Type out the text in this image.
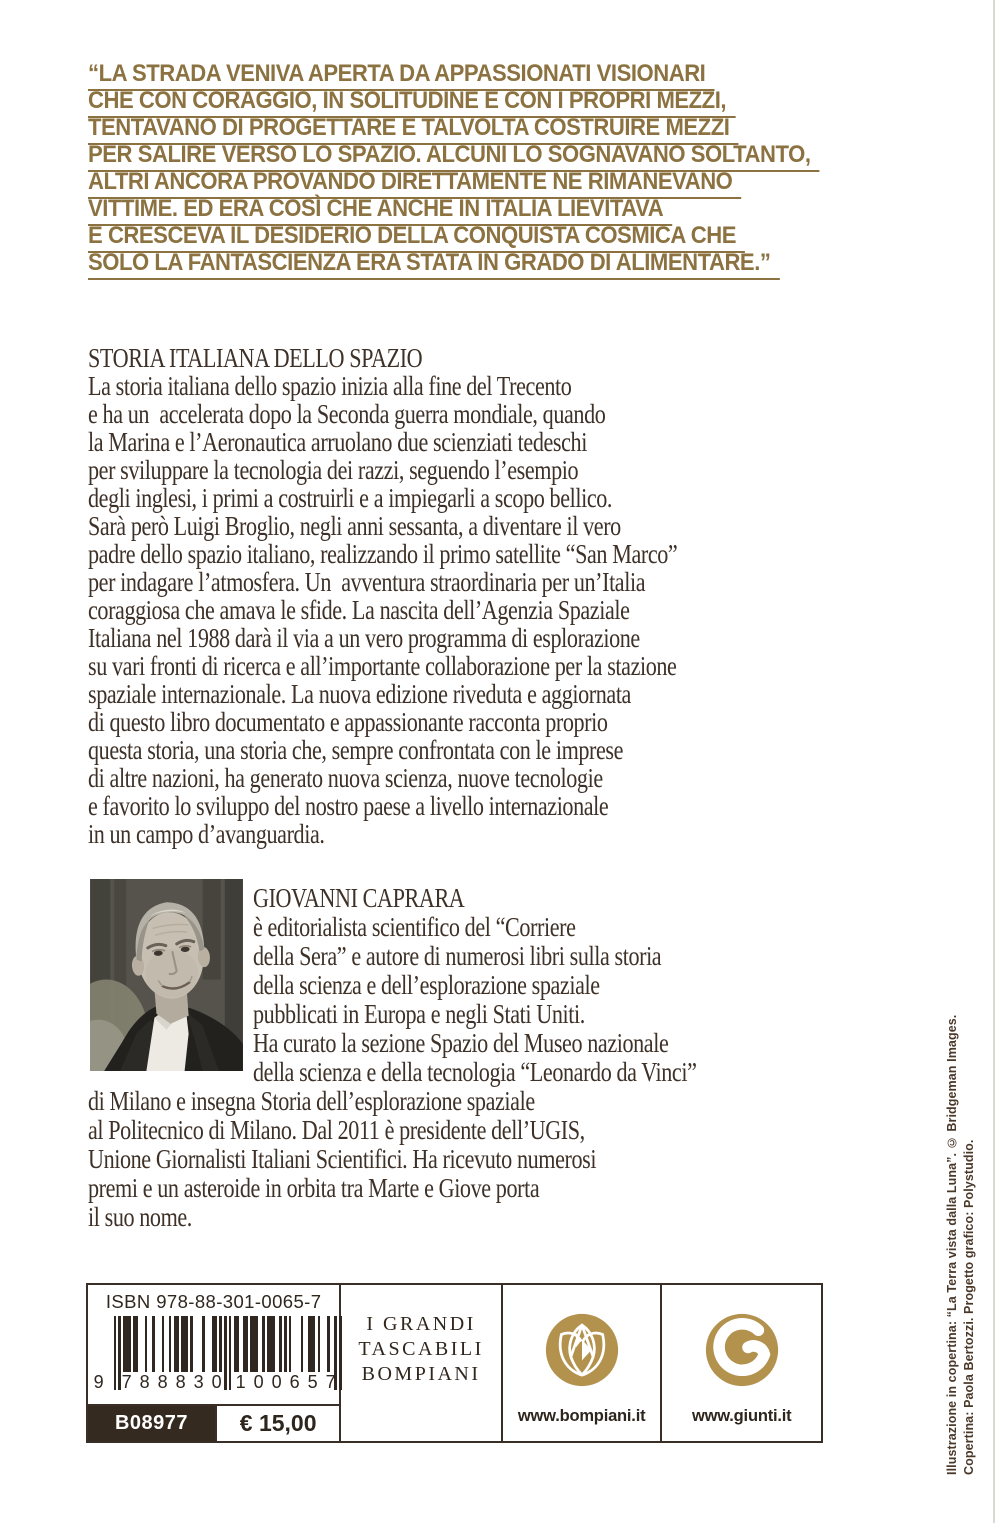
“LA STRADA VENIVA APERTA DA APPASSIONATI VISIONARI
CHE CON CORAGGIO, IN SOLITUDINE E CON I PROPRI MEZZI,
TENTAVANO DI PROGETTARE E TALVOLTA COSTRUIRE MEZZI
PER SALIRE VERSO LO SPAZIO. ALCUNI LO SOGNAVANO SOLTANTO,
ALTRI ANCORA PROVANDO DIRETTAMENTE NE RIMANEVANO
VITTIME. ED ERA COSÌ CHE ANCHE IN ITALIA LIEVITAVA
E CRESCEVA IL DESIDERIO DELLA CONQUISTA COSMICA CHE
SOLO LA FANTASCIENZA ERA STATA IN GRADO DI ALIMENTARE.”
STORIA ITALIANA DELLO SPAZIO
La storia italiana dello spazio inizia alla fine del Trecento
e ha un  accelerata dopo la Seconda guerra mondiale, quando
la Marina e l’Aeronautica arruolano due scienziati tedeschi
per sviluppare la tecnologia dei razzi, seguendo l’esempio
degli inglesi, i primi a costruirli e a impiegarli a scopo bellico.
Sarà però Luigi Broglio, negli anni sessanta, a diventare il vero
padre dello spazio italiano, realizzando il primo satellite “San Marco”
per indagare l’atmosfera. Un  avventura straordinaria per un’Italia
coraggiosa che amava le sfide. La nascita dell’Agenzia Spaziale
Italiana nel 1988 darà il via a un vero programma di esplorazione
su vari fronti di ricerca e all’importante collaborazione per la stazione
spaziale internazionale. La nuova edizione riveduta e aggiornata
di questo libro documentato e appassionante racconta proprio
questa storia, una storia che, sempre confrontata con le imprese
di altre nazioni, ha generato nuova scienza, nuove tecnologie
e favorito lo sviluppo del nostro paese a livello internazionale
in un campo d’avanguardia.
GIOVANNI CAPRARA
è editorialista scientifico del “Corriere
della Sera” e autore di numerosi libri sulla storia
della scienza e dell’esplorazione spaziale
pubblicati in Europa e negli Stati Uniti.
Ha curato la sezione Spazio del Museo nazionale
della scienza e della tecnologia “Leonardo da Vinci”
di Milano e insegna Storia dell’esplorazione spaziale
al Politecnico di Milano. Dal 2011 è presidente dell’UGIS,
Unione Giornalisti Italiani Scientifici. Ha ricevuto numerosi
premi e un asteroide in orbita tra Marte e Giove porta
il suo nome.	Illustrazione in copertina: “La Terra vista dalla Luna”. © Bridgeman Images. Copertina: Paola Bertozzi. Progetto grafico: Polystudio.
ISBN 978-88-301-0065-7
9 7 8 8 8 3 0 1 0 0 6 5 7
B08977	€ 15,00
I GRANDI
TASCABILI
BOMPIANI
www.bompiani.it	www.giunti.it
